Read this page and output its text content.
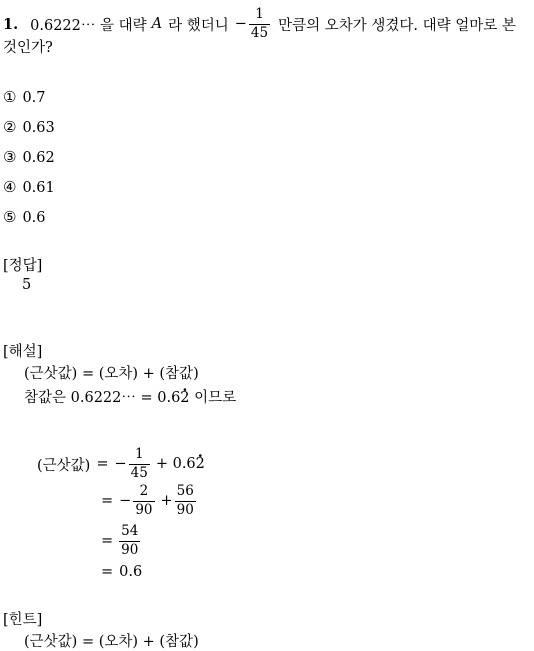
1. 0.6222⋯ 을 대략 A 라 했더니 − $\frac{1}{45}$ 만큼의 오차가 생겼다. 대략 얼마로 본
것인가?
① 0.7
② 0.63
③ 0.62
④ 0.61
⑤ 0.6
[정답]
5
[해설]
(근삿값) = (오차) + (참값)
참값은 0.6222⋯ = 0.62 · 이므로
(근삿값) = − $\frac{1}{45} + 0.6$ 2 ·
= − $\frac{2}{90} + \frac{56}{90}$
= $\frac{54}{90}$
= 0.6
[힌트]
(근삿값) = (오차) + (참값)
